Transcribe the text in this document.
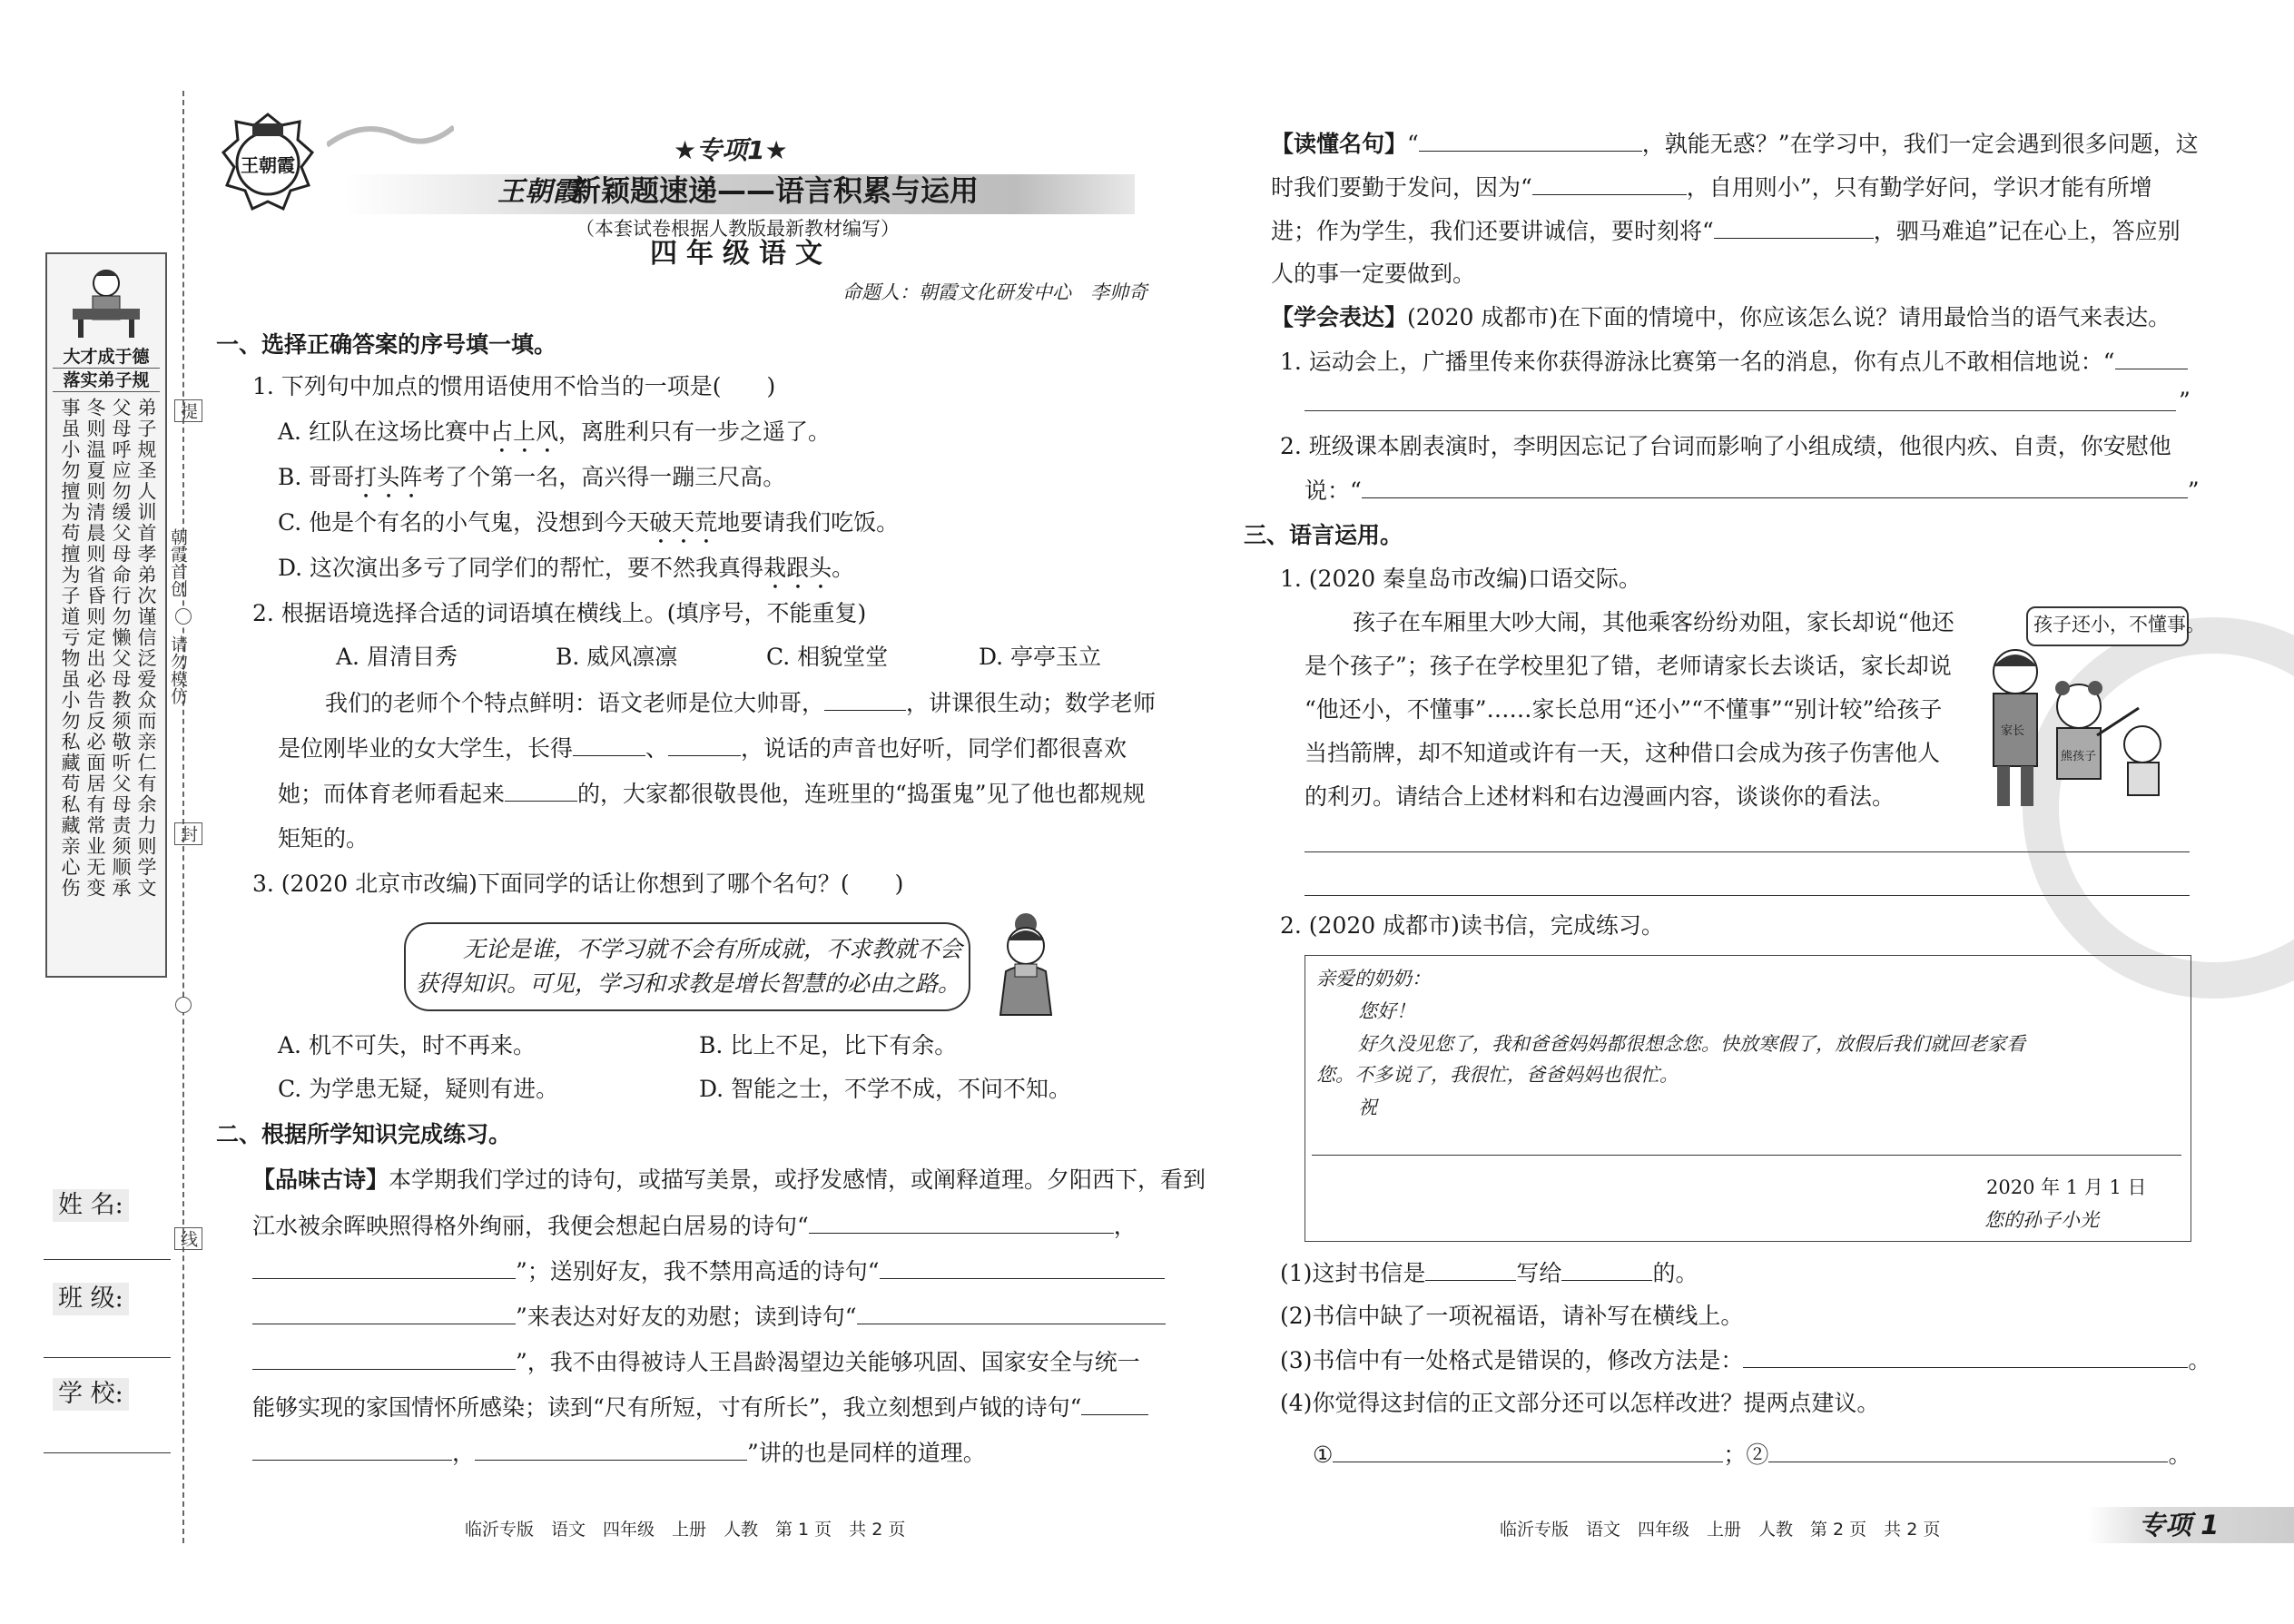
提
朝霞首创
请勿模仿
封
线
大才成于德
落实弟子规
弟子规圣人训首孝弟次谨信泛爱众而亲仁有余力则学文
父母呼应勿缓父母命行勿懒父母教须敬听父母责须顺承
冬则温夏则清晨则省昏则定出必告反必面居有常业无变
事虽小勿擅为苟擅为子道亏物虽小勿私藏苟私藏亲心伤
姓 名:
班 级:
学 校:
王朝霞	★专项1★
王朝霞
新颖题速递——语言积累与运用
（本套试卷根据人教版最新教材编写）
四年级语文
命题人：朝霞文化研发中心　李帅奇
一、选择正确答案的序号填一填。
1. 下列句中加点的惯用语使用不恰当的一项是(　　)
A. 红队在这场比赛中占上风，离胜利只有一步之遥了。
B. 哥哥打头阵考了个第一名，高兴得一蹦三尺高。
C. 他是个有名的小气鬼，没想到今天破天荒地要请我们吃饭。
D. 这次演出多亏了同学们的帮忙，要不然我真得栽跟头。
2. 根据语境选择合适的词语填在横线上。(填序号，不能重复)
A. 眉清目秀	B. 威风凛凛	C. 相貌堂堂	D. 亭亭玉立
我们的老师个个特点鲜明：语文老师是位大帅哥，	，讲课很生动；数学老师
是位刚毕业的女大学生，长得	、	，说话的声音也好听，同学们都很喜欢
她；而体育老师看起来	的，大家都很敬畏他，连班里的“捣蛋鬼”见了他也都规规
矩矩的。
3. (2020 北京市改编)下面同学的话让你想到了哪个名句？(　　)
无论是谁，不学习就不会有所成就，不求教就不会
获得知识。可见，学习和求教是增长智慧的必由之路。
A. 机不可失，时不再来。	B. 比上不足，比下有余。
C. 为学患无疑，疑则有进。	D. 智能之士，不学不成，不问不知。
二、根据所学知识完成练习。
【品味古诗】本学期我们学过的诗句，或描写美景，或抒发感情，或阐释道理。夕阳西下，看到
江水被余晖映照得格外绚丽，我便会想起白居易的诗句“	，
”；送别好友，我不禁用高适的诗句“
”来表达对好友的劝慰；读到诗句“
”，我不由得被诗人王昌龄渴望边关能够巩固、国家安全与统一
能够实现的家国情怀所感染；读到“尺有所短，寸有所长”，我立刻想到卢钺的诗句“
，	”讲的也是同样的道理。
临沂专版　语文　四年级　上册　人教　第 1 页　共 2 页
【读懂名句】“	，孰能无惑？”在学习中，我们一定会遇到很多问题，这
时我们要勤于发问，因为“	，自用则小”，只有勤学好问，学识才能有所增
进；作为学生，我们还要讲诚信，要时刻将“	，驷马难追”记在心上，答应别
人的事一定要做到。
【学会表达】(2020 成都市)在下面的情境中，你应该怎么说？请用最恰当的语气来表达。
1. 运动会上，广播里传来你获得游泳比赛第一名的消息，你有点儿不敢相信地说：“
”
2. 班级课本剧表演时，李明因忘记了台词而影响了小组成绩，他很内疚、自责，你安慰他
说：“	”
三、语言运用。
1. (2020 秦皇岛市改编)口语交际。
孩子在车厢里大吵大闹，其他乘客纷纷劝阻，家长却说“他还
是个孩子”；孩子在学校里犯了错，老师请家长去谈话，家长却说
“他还小，不懂事”……家长总用“还小”“不懂事”“别计较”给孩子
当挡箭牌，却不知道或许有一天，这种借口会成为孩子伤害他人
的利刃。请结合上述材料和右边漫画内容，谈谈你的看法。
孩子还小，不懂事。
家长
熊孩子
2. (2020 成都市)读书信，完成练习。
亲爱的奶奶：
您好！
好久没见您了，我和爸爸妈妈都很想念您。快放寒假了，放假后我们就回老家看
您。不多说了，我很忙，爸爸妈妈也很忙。
祝
2020 年 1 月 1 日
您的孙子小光
(1)这封书信是	写给	的。
(2)书信中缺了一项祝福语，请补写在横线上。
(3)书信中有一处格式是错误的，修改方法是：	。
(4)你觉得这封信的正文部分还可以怎样改进？提两点建议。
①	；②	。
临沂专版　语文　四年级　上册　人教　第 2 页　共 2 页	专项 1
